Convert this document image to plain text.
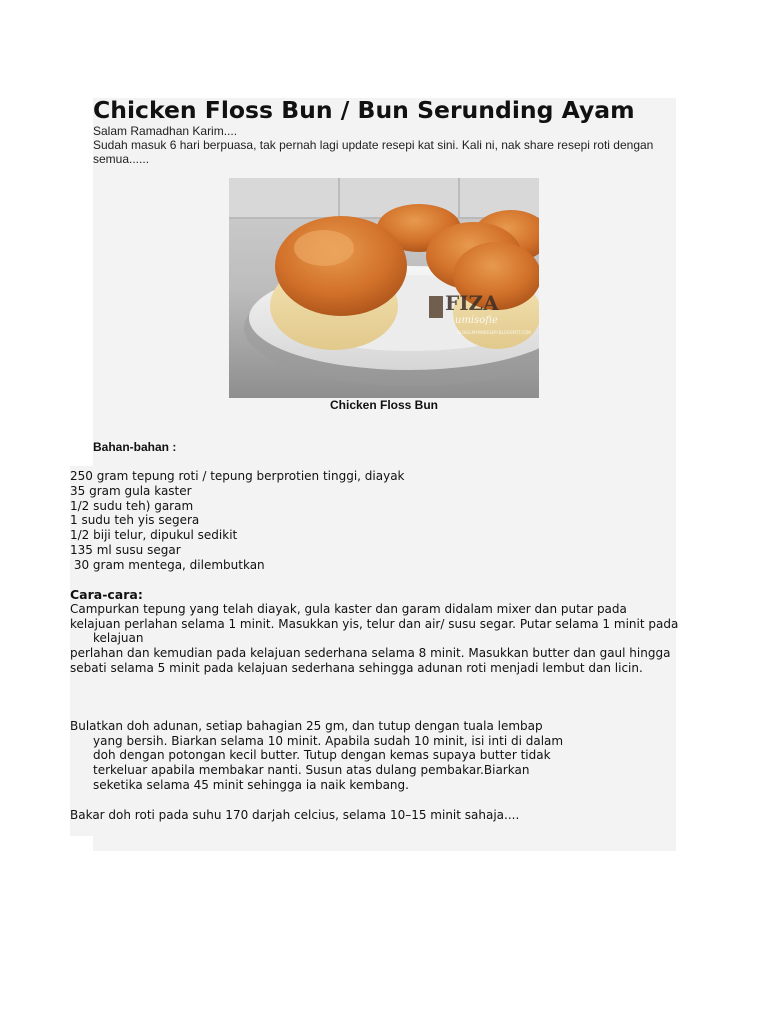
Chicken Floss Bun / Bun Serunding Ayam
Salam Ramadhan Karim....
Sudah masuk 6 hari berpuasa, tak pernah lagi update resepi kat sini. Kali ni, nak share resepi roti dengan semua......
FIZA
umisofie
BLOGS.MYAMRESEPI.BLOGSPOT.COM
Chicken Floss Bun
Bahan-bahan :
250 gram tepung roti / tepung berprotien tinggi, diayak
35 gram gula kaster
1/2 sudu teh) garam
1 sudu teh yis segera
1/2 biji telur, dipukul sedikit
135 ml susu segar
30 gram mentega, dilembutkan
Cara-cara:
Campurkan tepung yang telah diayak, gula kaster dan garam didalam mixer dan putar pada
kelajuan perlahan selama 1 minit. Masukkan yis, telur dan air/ susu segar. Putar selama 1 minit pada kelajuan
perlahan dan kemudian pada kelajuan sederhana selama 8 minit. Masukkan butter dan gaul hingga
sebati selama 5 minit pada kelajuan sederhana sehingga adunan roti menjadi lembut dan licin.
Bulatkan doh adunan, setiap bahagian 25 gm, dan tutup dengan tuala lembap
yang bersih. Biarkan selama 10 minit. Apabila sudah 10 minit, isi inti di dalam
doh dengan potongan kecil butter. Tutup dengan kemas supaya butter tidak
terkeluar apabila membakar nanti. Susun atas dulang pembakar.Biarkan
seketika selama 45 minit sehingga ia naik kembang.
Bakar doh roti pada suhu 170 darjah celcius, selama 10–15 minit sahaja....
